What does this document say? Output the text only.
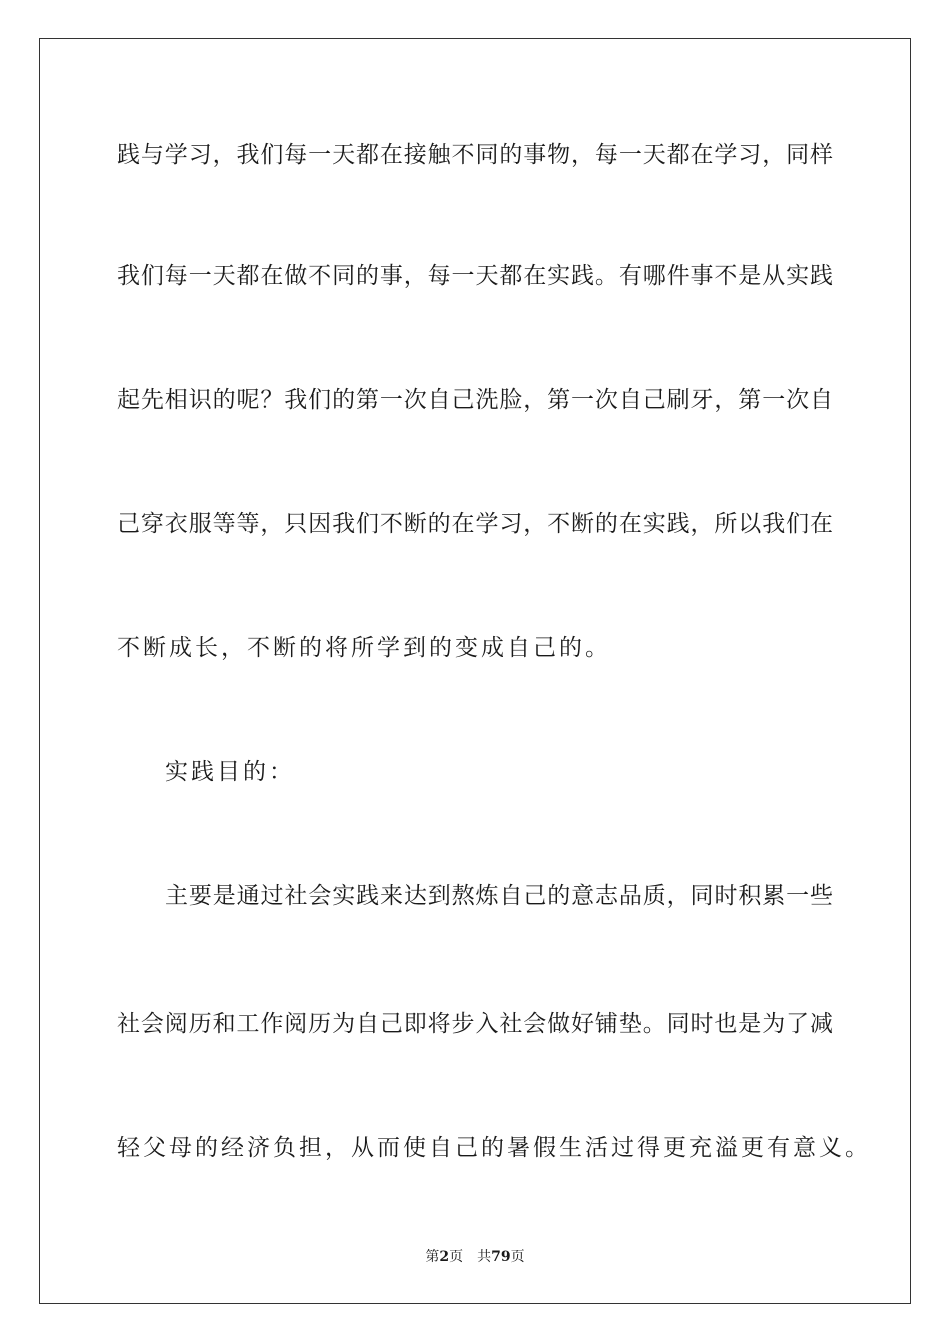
践与学习，我们每一天都在接触不同的事物，每一天都在学习，同样
我们每一天都在做不同的事，每一天都在实践。有哪件事不是从实践
起先相识的呢？我们的第一次自己洗脸，第一次自己刷牙，第一次自
己穿衣服等等，只因我们不断的在学习，不断的在实践，所以我们在
不断成长，不断的将所学到的变成自己的。
实践目的：
主要是通过社会实践来达到熬炼自己的意志品质，同时积累一些
社会阅历和工作阅历为自己即将步入社会做好铺垫。同时也是为了减
轻父母的经济负担，从而使自己的暑假生活过得更充溢更有意义。
第2页 共79页
